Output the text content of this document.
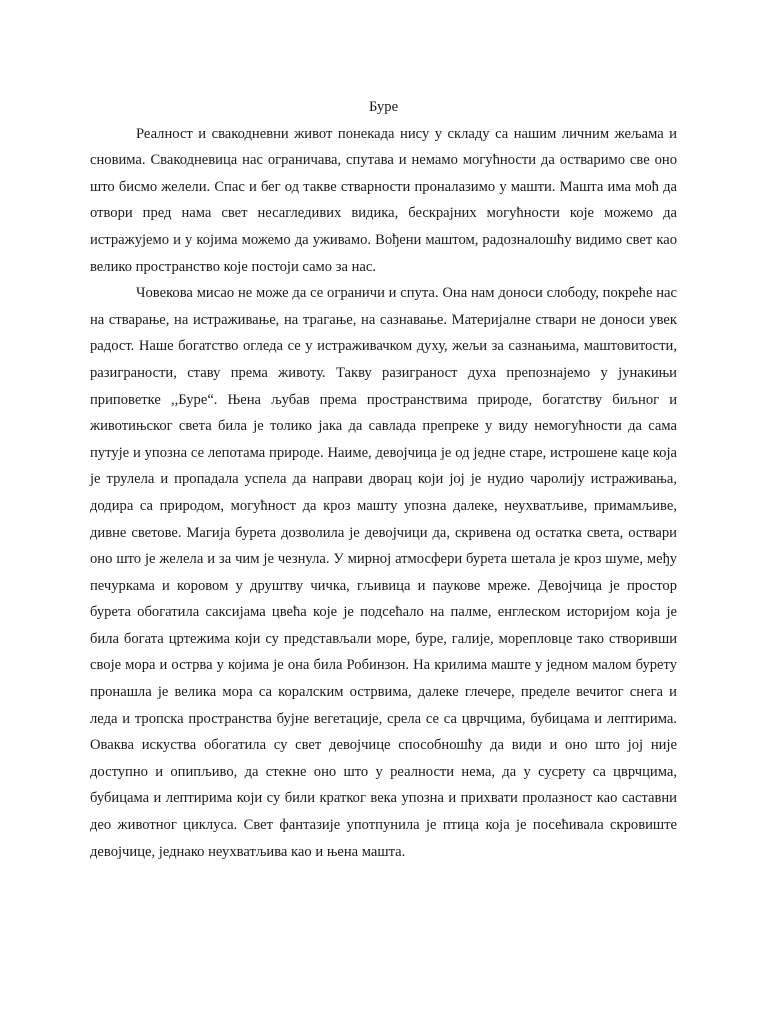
Буре

Реалност и свакодневни живот понекада нису у складу са нашим личним жељама и сновима. Свакодневица нас ограничава, спутава и немамо могућности да остваримо све оно што бисмо желели. Спас и бег од такве стварности проналазимо у машти. Машта има моћ да отвори пред нама свет несагледивих видика, бескрајних могућности које можемо да истражујемо и у којима можемо да уживамо. Вођени маштом, радозналошћу видимо свет као велико пространство које постоји само за нас.

Човекова мисао не може да се ограничи и спута. Она нам доноси слободу, покреће нас на стварање, на истраживање, на трагање, на сазнавање. Материјалне ствари не доноси увек радост. Наше богатство огледа се у истраживачком духу, жељи за сазнањима, маштовитости, разиграности, ставу према животу. Такву разиграност духа препознајемо у јунакињи приповетке ,,Буре“. Њена љубав према пространствима природе, богатству биљног и животињског света била је толико јака да савлада препреке у виду немогућности да сама путује и упозна се лепотама природе. Наиме, девојчица је од једне старе, истрошене каце која је трулела и пропадала успела да направи дворац који јој је нудио чаролију истраживања, додира са природом, могућност да кроз машту упозна далеке, неухватљиве, примамљиве, дивне светове. Магија бурета дозволила је девојчици да, скривена од остатка света, оствари оно што је желела и за чим је чезнула. У мирној атмосфери бурета шетала је кроз шуме, међу печуркама и коровом у друштву чичка, гљивица и паукове мреже. Девојчица је простор бурета обогатила саксијама цвећа које је подсећало на палме, енглеском историјом која је била богата цртежима који су представљали море, буре, галије, морепловце тако створивши своје мора и острва у којима је она била Робинзон. На крилима маште у једном малом бурету пронашла је велика мора са коралским острвима, далеке глечере, пределе вечитог снега и леда и тропска пространства бујне вегетације, срела се са цврчцима, бубицама и лептирима. Оваква искуства обогатила су свет девојчице способношћу да види и оно што јој није доступно и опипљиво, да стекне оно што у реалности нема, да у сусрету са цврчцима, бубицама и лептирима који су били кратког века упозна и прихвати пролазност као саставни део животног циклуса. Свет фантазије употпунила је птица која је посећивала скровиште девојчице, једнако неухватљива као и њена машта.
